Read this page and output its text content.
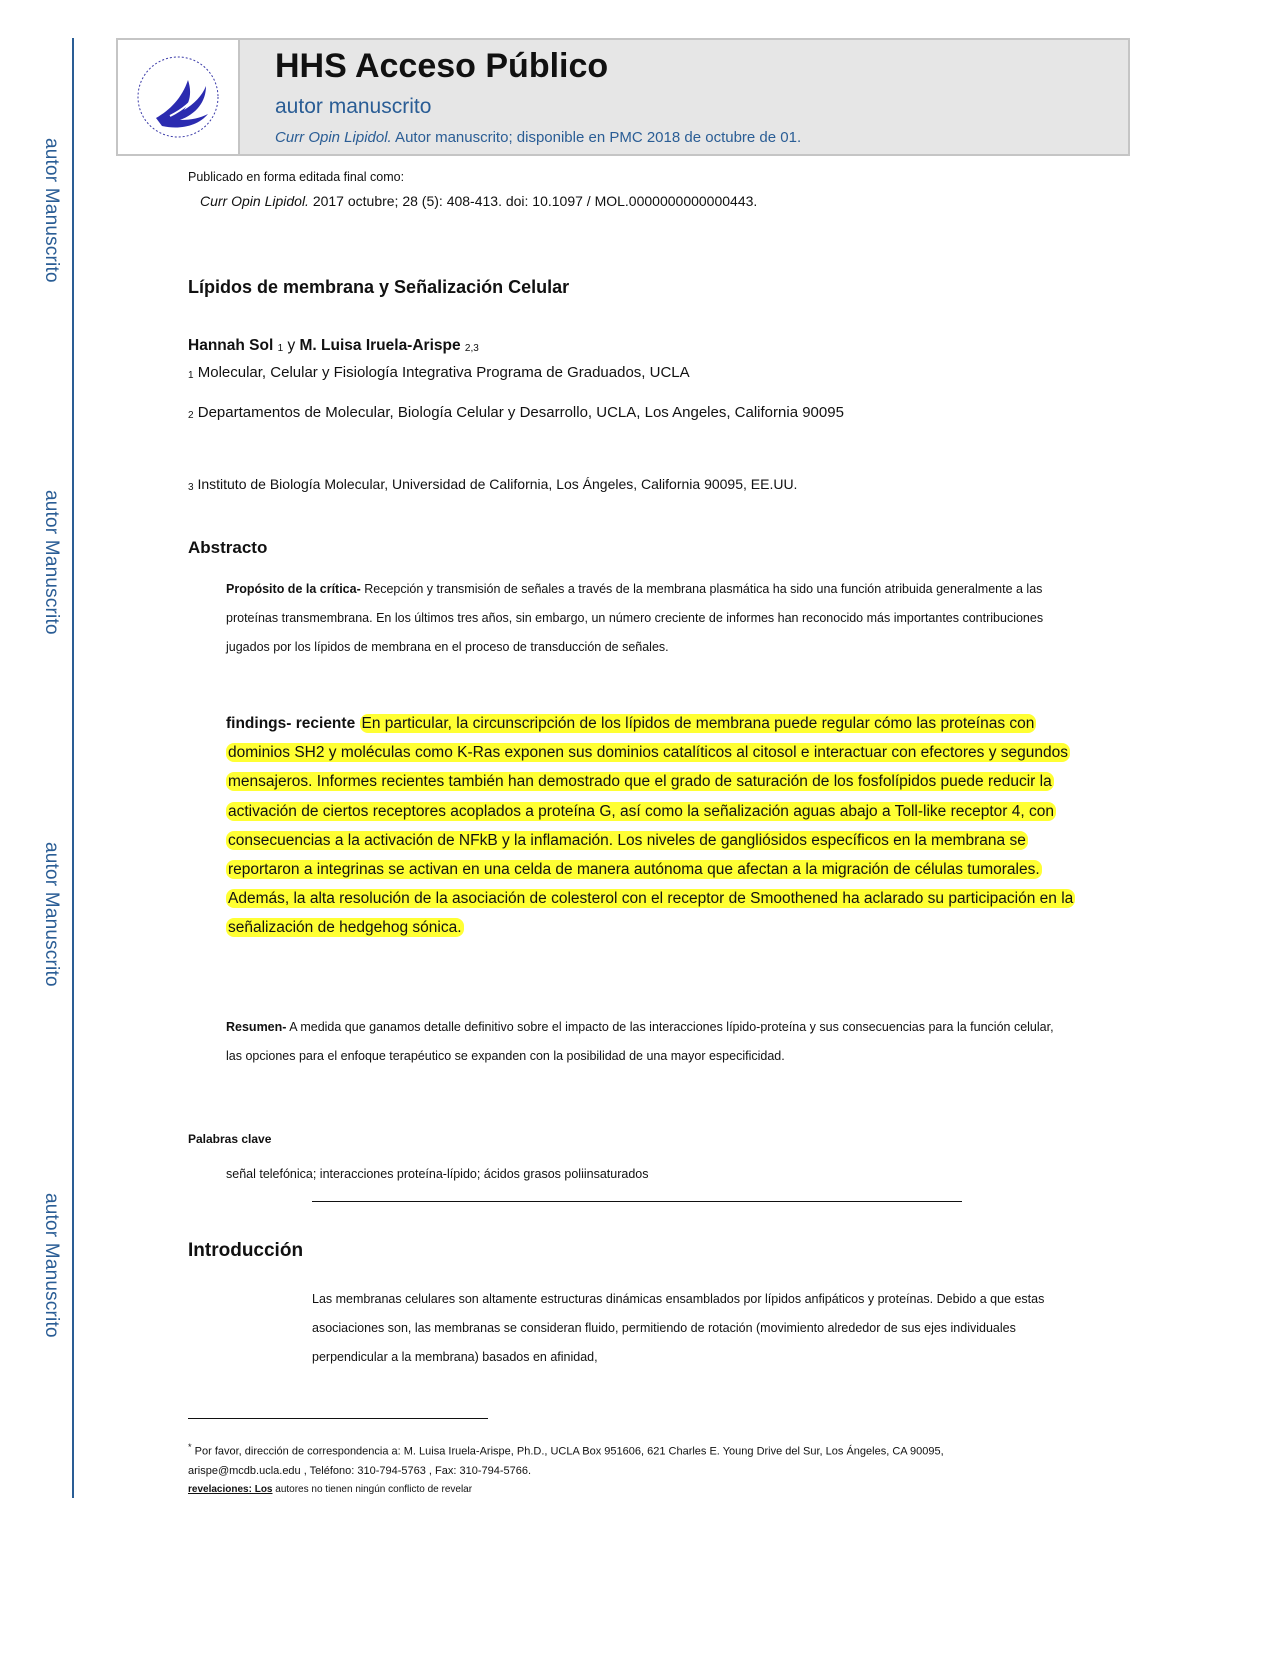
autor Manuscrito
autor Manuscrito
autor Manuscrito
autor Manuscrito
HHS Acceso Público
autor manuscrito
Curr Opin Lipidol. Autor manuscrito; disponible en PMC 2018 de octubre de 01.
Publicado en forma editada final como:
Curr Opin Lipidol. 2017 octubre; 28 (5): 408-413. doi: 10.1097 / MOL.0000000000000443.
Lípidos de membrana y Señalización Celular
Hannah Sol $^1$ y M. Luisa Iruela-Arispe $^{2,3}$
$^1$ Molecular, Celular y Fisiología Integrativa Programa de Graduados, UCLA
$^2$ Departamentos de Molecular, Biología Celular y Desarrollo, UCLA, Los Angeles, California 90095
$^3$ Instituto de Biología Molecular, Universidad de California, Los Ángeles, California 90095, EE.UU.
Abstracto
Propósito de la crítica- Recepción y transmisión de señales a través de la membrana plasmática ha sido una función atribuida generalmente a las proteínas transmembrana. En los últimos tres años, sin embargo, un número creciente de informes han reconocido más importantes contribuciones jugados por los lípidos de membrana en el proceso de transducción de señales.
findings- reciente En particular, la circunscripción de los lípidos de membrana puede regular cómo las proteínas con dominios SH2 y moléculas como K-Ras exponen sus dominios catalíticos al citosol e interactuar con efectores y segundos mensajeros. Informes recientes también han demostrado que el grado de saturación de los fosfolípidos puede reducir la activación de ciertos receptores acoplados a proteína G, así como la señalización aguas abajo a Toll-like receptor 4, con consecuencias a la activación de NFkB y la inflamación. Los niveles de gangliósidos específicos en la membrana se reportaron a integrinas se activan en una celda de manera autónoma que afectan a la migración de células tumorales. Además, la alta resolución de la asociación de colesterol con el receptor de Smoothened ha aclarado su participación en la señalización de hedgehog sónica.
Resumen- A medida que ganamos detalle definitivo sobre el impacto de las interacciones lípido-proteína y sus consecuencias para la función celular, las opciones para el enfoque terapéutico se expanden con la posibilidad de una mayor especificidad.
Palabras clave
señal telefónica; interacciones proteína-lípido; ácidos grasos poliinsaturados
Introducción
Las membranas celulares son altamente estructuras dinámicas ensamblados por lípidos anfipáticos y proteínas. Debido a que estas asociaciones son, las membranas se consideran fluido, permitiendo de rotación (movimiento alrededor de sus ejes individuales perpendicular a la membrana) basados en afinidad,
* Por favor, dirección de correspondencia a: M. Luisa Iruela-Arispe, Ph.D., UCLA Box 951606, 621 Charles E. Young Drive del Sur, Los Ángeles, CA 90095, arispe@mcdb.ucla.edu , Teléfono: 310-794-5763 , Fax: 310-794-5766.
revelaciones: Los autores no tienen ningún conflicto de revelar
